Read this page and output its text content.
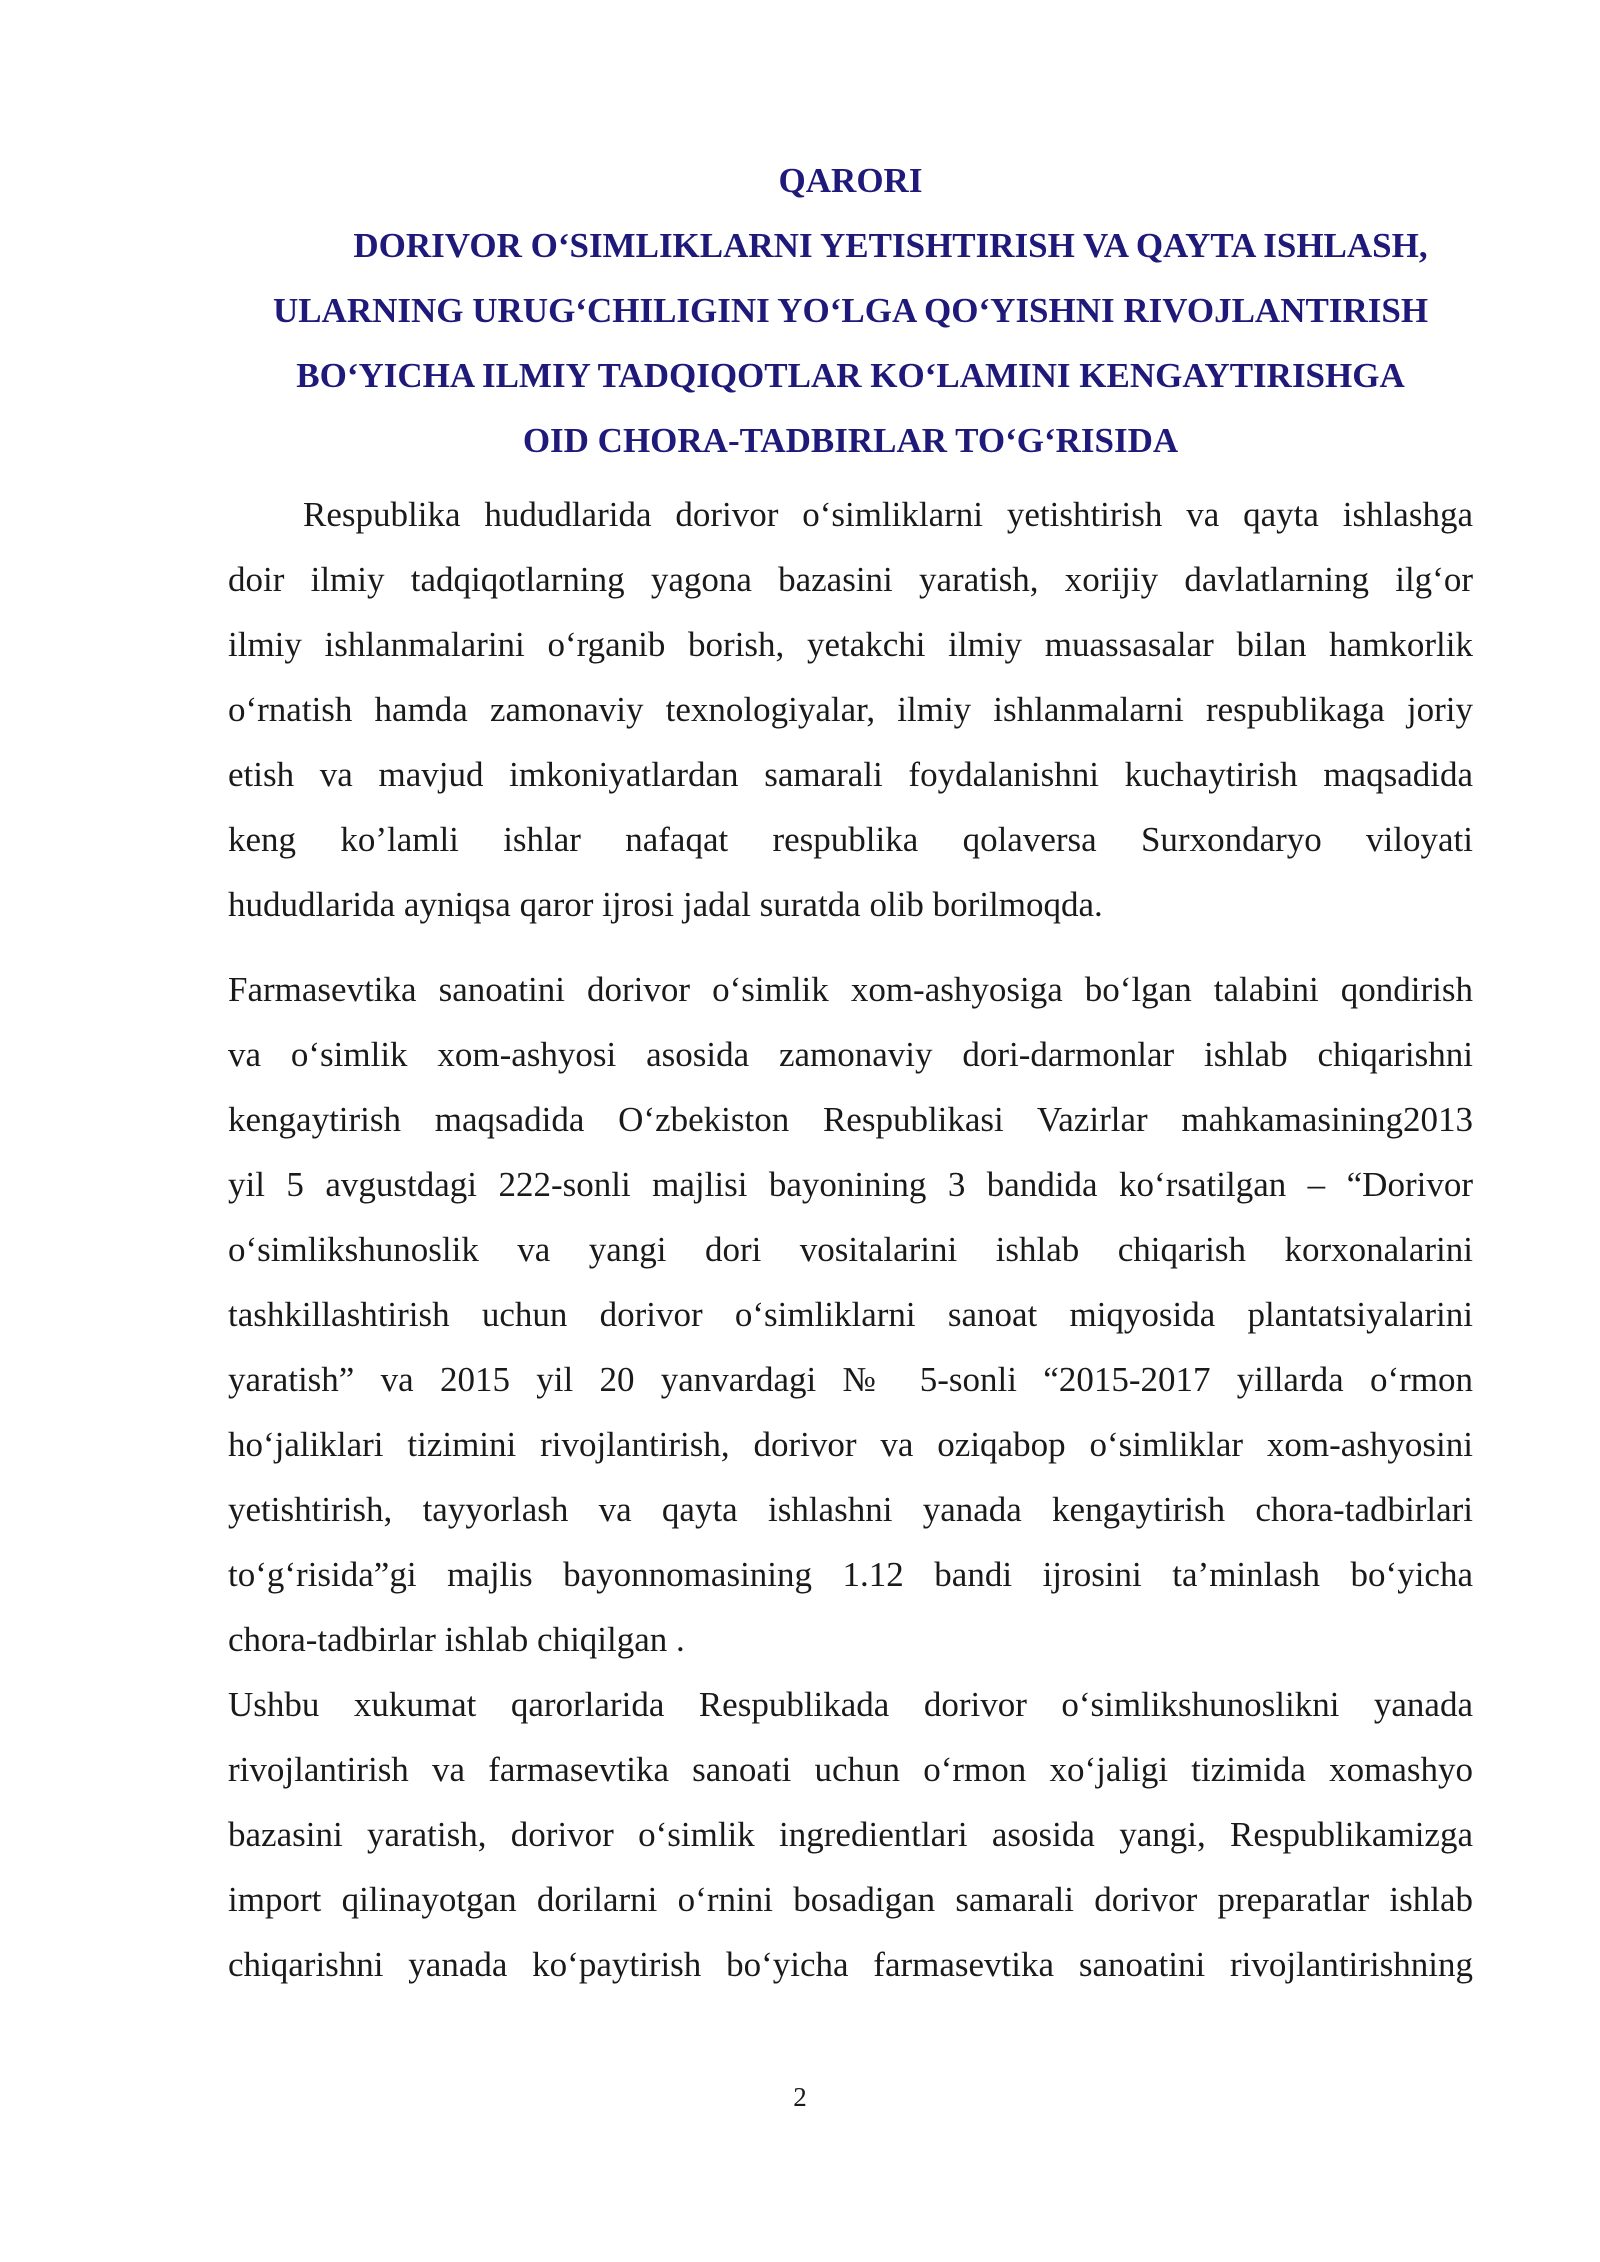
QARORI
DORIVOR O‘SIMLIKLARNI YETISHTIRISH VA QAYTA ISHLASH,
ULARNING URUG‘CHILIGINI YO‘LGA QO‘YISHNI RIVOJLANTIRISH
BO‘YICHA ILMIY TADQIQOTLAR KO‘LAMINI KENGAYTIRISHGA
OID CHORA-TADBIRLAR TO‘G‘RISIDA

Respublika hududlarida dorivor o‘simliklarni yetishtirish va qayta ishlashga
doir ilmiy tadqiqotlarning yagona bazasini yaratish, xorijiy davlatlarning ilg‘or
ilmiy ishlanmalarini o‘rganib borish, yetakchi ilmiy muassasalar bilan hamkorlik
o‘rnatish hamda zamonaviy texnologiyalar, ilmiy ishlanmalarni respublikaga joriy
etish va mavjud imkoniyatlardan samarali foydalanishni kuchaytirish maqsadida
keng ko’lamli ishlar nafaqat respublika qolaversa Surxondaryo viloyati
hududlarida ayniqsa qaror ijrosi jadal suratda olib borilmoqda.

Farmasevtika sanoatini dorivor o‘simlik xom-ashyosiga bo‘lgan talabini qondirish
va o‘simlik xom-ashyosi asosida zamonaviy dori-darmonlar ishlab chiqarishni
kengaytirish maqsadida O‘zbekiston Respublikasi Vazirlar mahkamasining2013
yil 5 avgustdagi 222-sonli majlisi bayonining 3 bandida ko‘rsatilgan – “Dorivor
o‘simlikshunoslik va yangi dori vositalarini ishlab chiqarish korxonalarini
tashkillashtirish uchun dorivor o‘simliklarni sanoat miqyosida plantatsiyalarini
yaratish” va 2015 yil 20 yanvardagi № 5-sonli “2015-2017 yillarda o‘rmon
ho‘jaliklari tizimini rivojlantirish, dorivor va oziqabop o‘simliklar xom-ashyosini
yetishtirish, tayyorlash va qayta ishlashni yanada kengaytirish chora-tadbirlari
to‘g‘risida”gi majlis bayonnomasining 1.12 bandi ijrosini ta’minlash bo‘yicha
chora-tadbirlar ishlab chiqilgan .

Ushbu xukumat qarorlarida Respublikada dorivor o‘simlikshunoslikni yanada
rivojlantirish va farmasevtika sanoati uchun o‘rmon xo‘jaligi tizimida xomashyo
bazasini yaratish, dorivor o‘simlik ingredientlari asosida yangi, Respublikamizga
import qilinayotgan dorilarni o‘rnini bosadigan samarali dorivor preparatlar ishlab
chiqarishni yanada ko‘paytirish bo‘yicha farmasevtika sanoatini rivojlantirishning

2
